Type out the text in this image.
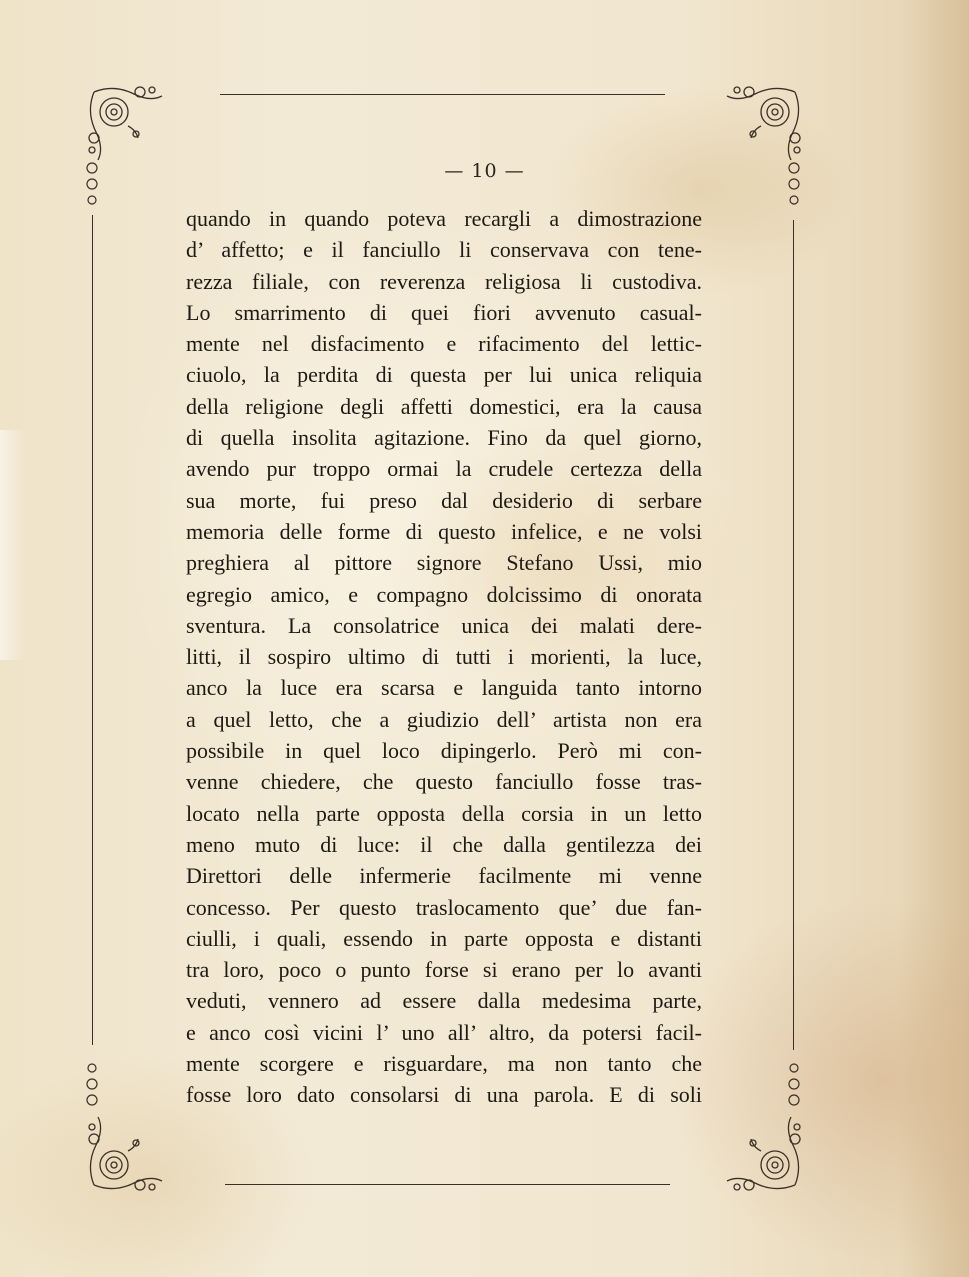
— 10 —
quando in quando poteva recargli a dimostrazione
d’ affetto; e il fanciullo li conservava con tene-
rezza filiale, con reverenza religiosa li custodiva.
Lo smarrimento di quei fiori avvenuto casual-
mente nel disfacimento e rifacimento del lettic-
ciuolo, la perdita di questa per lui unica reliquia
della religione degli affetti domestici, era la causa
di quella insolita agitazione. Fino da quel giorno,
avendo pur troppo ormai la crudele certezza della
sua morte, fui preso dal desiderio di serbare
memoria delle forme di questo infelice, e ne volsi
preghiera al pittore signore Stefano Ussi, mio
egregio amico, e compagno dolcissimo di onorata
sventura. La consolatrice unica dei malati dere-
litti, il sospiro ultimo di tutti i morienti, la luce,
anco la luce era scarsa e languida tanto intorno
a quel letto, che a giudizio dell’ artista non era
possibile in quel loco dipingerlo. Però mi con-
venne chiedere, che questo fanciullo fosse tras-
locato nella parte opposta della corsia in un letto
meno muto di luce: il che dalla gentilezza dei
Direttori delle infermerie facilmente mi venne
concesso. Per questo traslocamento que’ due fan-
ciulli, i quali, essendo in parte opposta e distanti
tra loro, poco o punto forse si erano per lo avanti
veduti, vennero ad essere dalla medesima parte,
e anco così vicini l’ uno all’ altro, da potersi facil-
mente scorgere e risguardare, ma non tanto che
fosse loro dato consolarsi di una parola. E di soli
